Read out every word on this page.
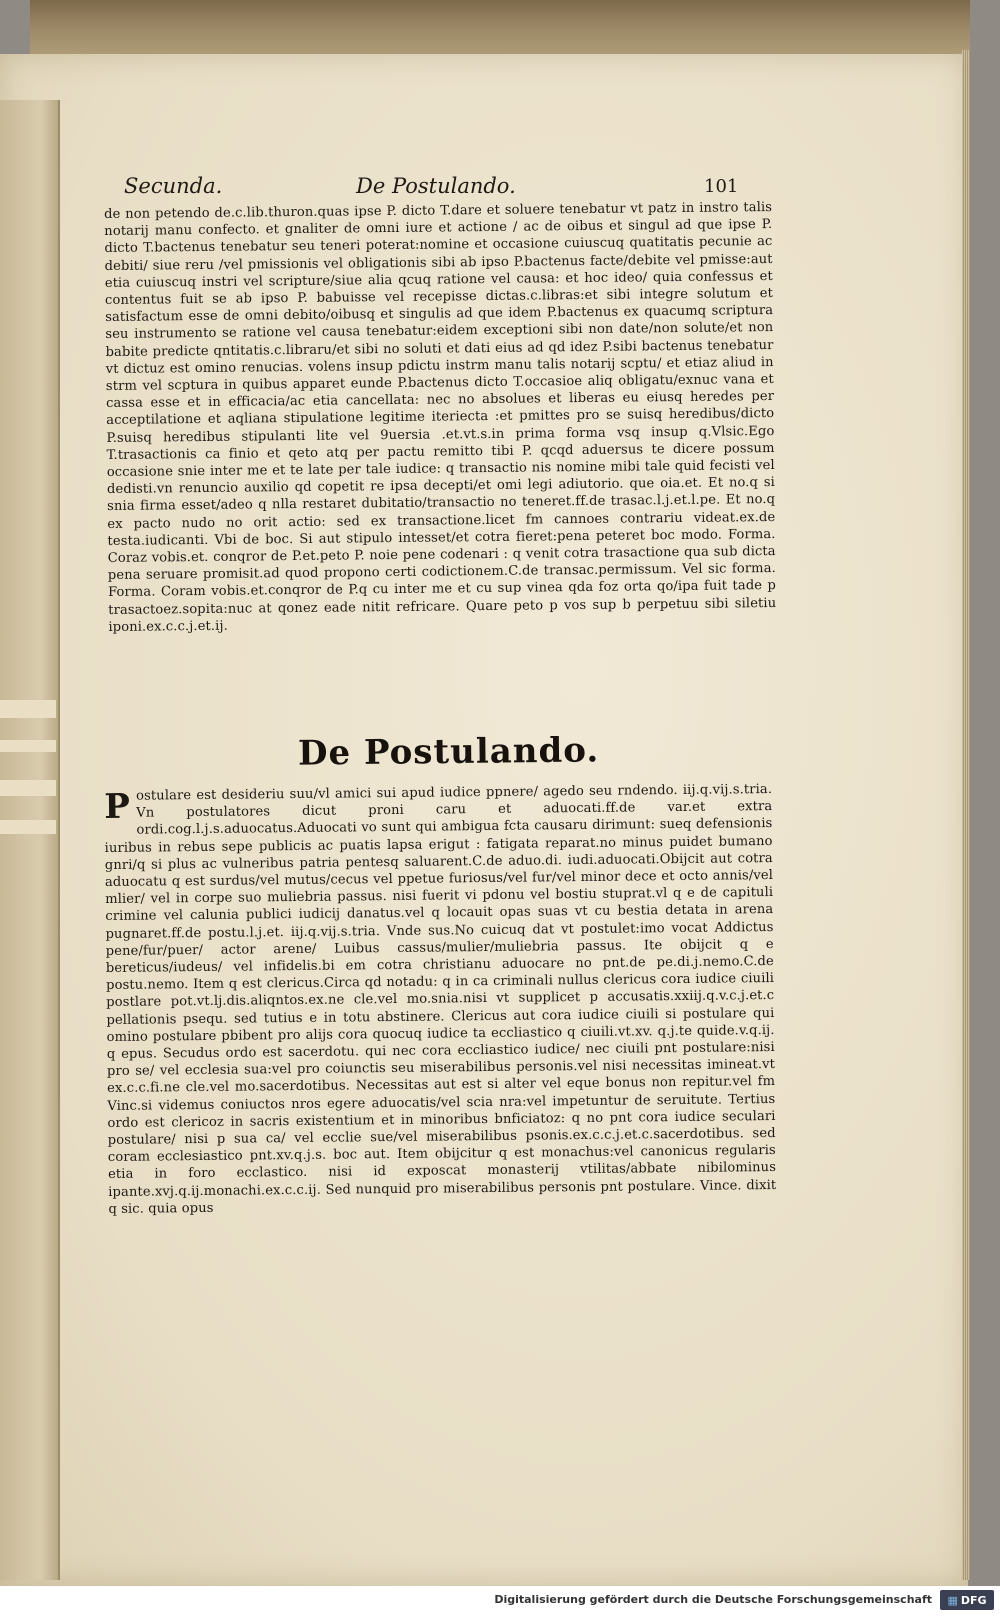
Secunda.	De Postulando.	101

de non petendo de.c.lib.thuron.quas ipse P. dicto T.dare et soluere tenebatur vt patz in instro talis notarij manu confecto. et gnaliter de omni iure et actione / ac de oibus et singul ad que ipse P. dicto T.bactenus tenebatur seu teneri poterat:nomine et occasione cuiuscuq quatitatis pecunie ac debiti/ siue reru /vel pmissionis vel obligationis sibi ab ipso P.bactenus facte/debite vel pmisse:aut etia cuiuscuq instri vel scripture/siue alia qcuq ratione vel causa: et hoc ideo/ quia confessus et contentus fuit se ab ipso P. babuisse vel recepisse dictas.c.libras:et sibi integre solutum et satisfactum esse de omni debito/oibusq et singulis ad que idem P.bactenus ex quacumq scriptura seu instrumento se ratione vel causa tenebatur:eidem exceptioni sibi non date/non solute/et non babite predicte qntitatis.c.libraru/et sibi no soluti et dati eius ad qd idez P.sibi bactenus tenebatur vt dictuz est omino renucias. volens insup pdictu instrm manu talis notarij scptu/ et etiaz aliud in strm vel scptura in quibus apparet eunde P.bactenus dicto T.occasioe aliq obligatu/exnuc vana et cassa esse et in efficacia/ac etia cancellata: nec no absolues et liberas eu eiusq heredes per acceptilatione et aqliana stipulatione legitime iteriecta :et pmittes pro se suisq heredibus/dicto P.suisq heredibus stipulanti lite vel 9uersia .et.vt.s.in prima forma vsq insup q.Vlsic.Ego T.trasactionis ca finio et qeto atq per pactu remitto tibi P. qcqd aduersus te dicere possum occasione snie inter me et te late per tale iudice: q transactio nis nomine mibi tale quid fecisti vel dedisti.vn renuncio auxilio qd copetit re ipsa decepti/et omi legi adiutorio. que oia.et. Et no.q si snia firma esset/adeo q nlla restaret dubitatio/transactio no teneret.ff.de trasac.l.j.et.l.pe. Et no.q ex pacto nudo no orit actio: sed ex transactione.licet fm cannoes contrariu videat.ex.de testa.iudicanti. Vbi de boc. Si aut stipulo intesset/et cotra fieret:pena peteret boc modo. Forma. Coraz vobis.et. conqror de P.et.peto P. noie pene codenari : q venit cotra trasactione qua sub dicta pena seruare promisit.ad quod propono certi codictionem.C.de transac.permissum. Vel sic forma. Forma. Coram vobis.et.conqror de P.q cu inter me et cu sup vinea qda foz orta qo/ipa fuit tade p trasactoez.sopita:nuc at qonez eade nitit refricare. Quare peto p vos sup b perpetuu sibi siletiu iponi.ex.c.c.j.et.ij.

De Postulando.
P ostulare est desideriu suu/vl amici sui apud iudice ppnere/ agedo seu rndendo. iij.q.vij.s.tria. Vn postulatores dicut proni caru et aduocati.ff.de var.et extra ordi.cog.l.j.s.aduocatus.Aduocati vo sunt qui ambigua fcta causaru dirimunt: sueq defensionis iuribus in rebus sepe publicis ac puatis lapsa erigut : fatigata reparat.no minus puidet bumano gnri/q si plus ac vulneribus patria pentesq saluarent.C.de aduo.di. iudi.aduocati.Obijcit aut cotra aduocatu q est surdus/vel mutus/cecus vel ppetue furiosus/vel fur/vel minor dece et octo annis/vel mlier/ vel in corpe suo muliebria passus. nisi fuerit vi pdonu vel bostiu stuprat.vl q e de capituli crimine vel calunia publici iudicij danatus.vel q locauit opas suas vt cu bestia detata in arena pugnaret.ff.de postu.l.j.et. iij.q.vij.s.tria. Vnde sus.No cuicuq dat vt postulet:imo vocat Addictus pene/fur/puer/ actor arene/ Luibus cassus/mulier/muliebria passus. Ite obijcit q e bereticus/iudeus/ vel infidelis.bi em cotra christianu aduocare no pnt.de pe.di.j.nemo.C.de postu.nemo. Item q est clericus.Circa qd notadu: q in ca criminali nullus clericus cora iudice ciuili postlare pot.vt.lj.dis.aliqntos.ex.ne cle.vel mo.snia.nisi vt supplicet p accusatis.xxiij.q.v.c.j.et.c pellationis psequ. sed tutius e in totu abstinere. Clericus aut cora iudice ciuili si postulare qui omino postulare pbibent pro alijs cora quocuq iudice ta eccliastico q ciuili.vt.xv. q.j.te quide.v.q.ij. q epus. Secudus ordo est sacerdotu. qui nec cora eccliastico iudice/ nec ciuili pnt postulare:nisi pro se/ vel ecclesia sua:vel pro coiunctis seu miserabilibus personis.vel nisi necessitas imineat.vt ex.c.c.fi.ne cle.vel mo.sacerdotibus. Necessitas aut est si alter vel eque bonus non repitur.vel fm Vinc.si videmus coniuctos nros egere aduocatis/vel scia nra:vel impetuntur de seruitute. Tertius ordo est clericoz in sacris existentium et in minoribus bnficiatoz: q no pnt cora iudice seculari postulare/ nisi p sua ca/ vel ecclie sue/vel miserabilibus psonis.ex.c.c.j.et.c.sacerdotibus. sed coram ecclesiastico pnt.xv.q.j.s. boc aut. Item obijcitur q est monachus:vel canonicus regularis etia in foro ecclastico. nisi id exposcat monasterij vtilitas/abbate nibilominus ipante.xvj.q.ij.monachi.ex.c.c.ij. Sed nunquid pro miserabilibus personis pnt postulare. Vince. dixit q sic. quia opus

Digitalisierung gefördert durch die Deutsche Forschungsgemeinschaft ▦ DFG
